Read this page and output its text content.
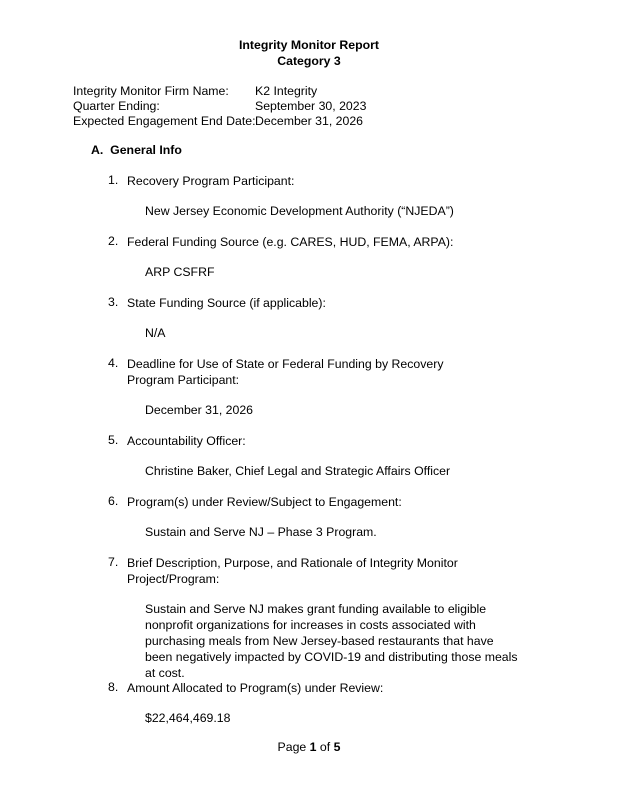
Integrity Monitor Report
Category 3
Integrity Monitor Firm Name: K2 Integrity
Quarter Ending:	September 30, 2023
Expected Engagement End Date: December 31, 2026
A. General Info
1. Recovery Program Participant:
New Jersey Economic Development Authority (“NJEDA”)
2. Federal Funding Source (e.g. CARES, HUD, FEMA, ARPA):
ARP CSFRF
3. State Funding Source (if applicable):
N/A
4. Deadline for Use of State or Federal Funding by Recovery Program Participant:
December 31, 2026
5. Accountability Officer:
Christine Baker, Chief Legal and Strategic Affairs Officer
6. Program(s) under Review/Subject to Engagement:
Sustain and Serve NJ – Phase 3 Program.
7. Brief Description, Purpose, and Rationale of Integrity Monitor Project/Program:
Sustain and Serve NJ makes grant funding available to eligible nonprofit organizations for increases in costs associated with purchasing meals from New Jersey-based restaurants that have been negatively impacted by COVID-19 and distributing those meals at cost.
8. Amount Allocated to Program(s) under Review:
$22,464,469.18
Page 1 of 5
